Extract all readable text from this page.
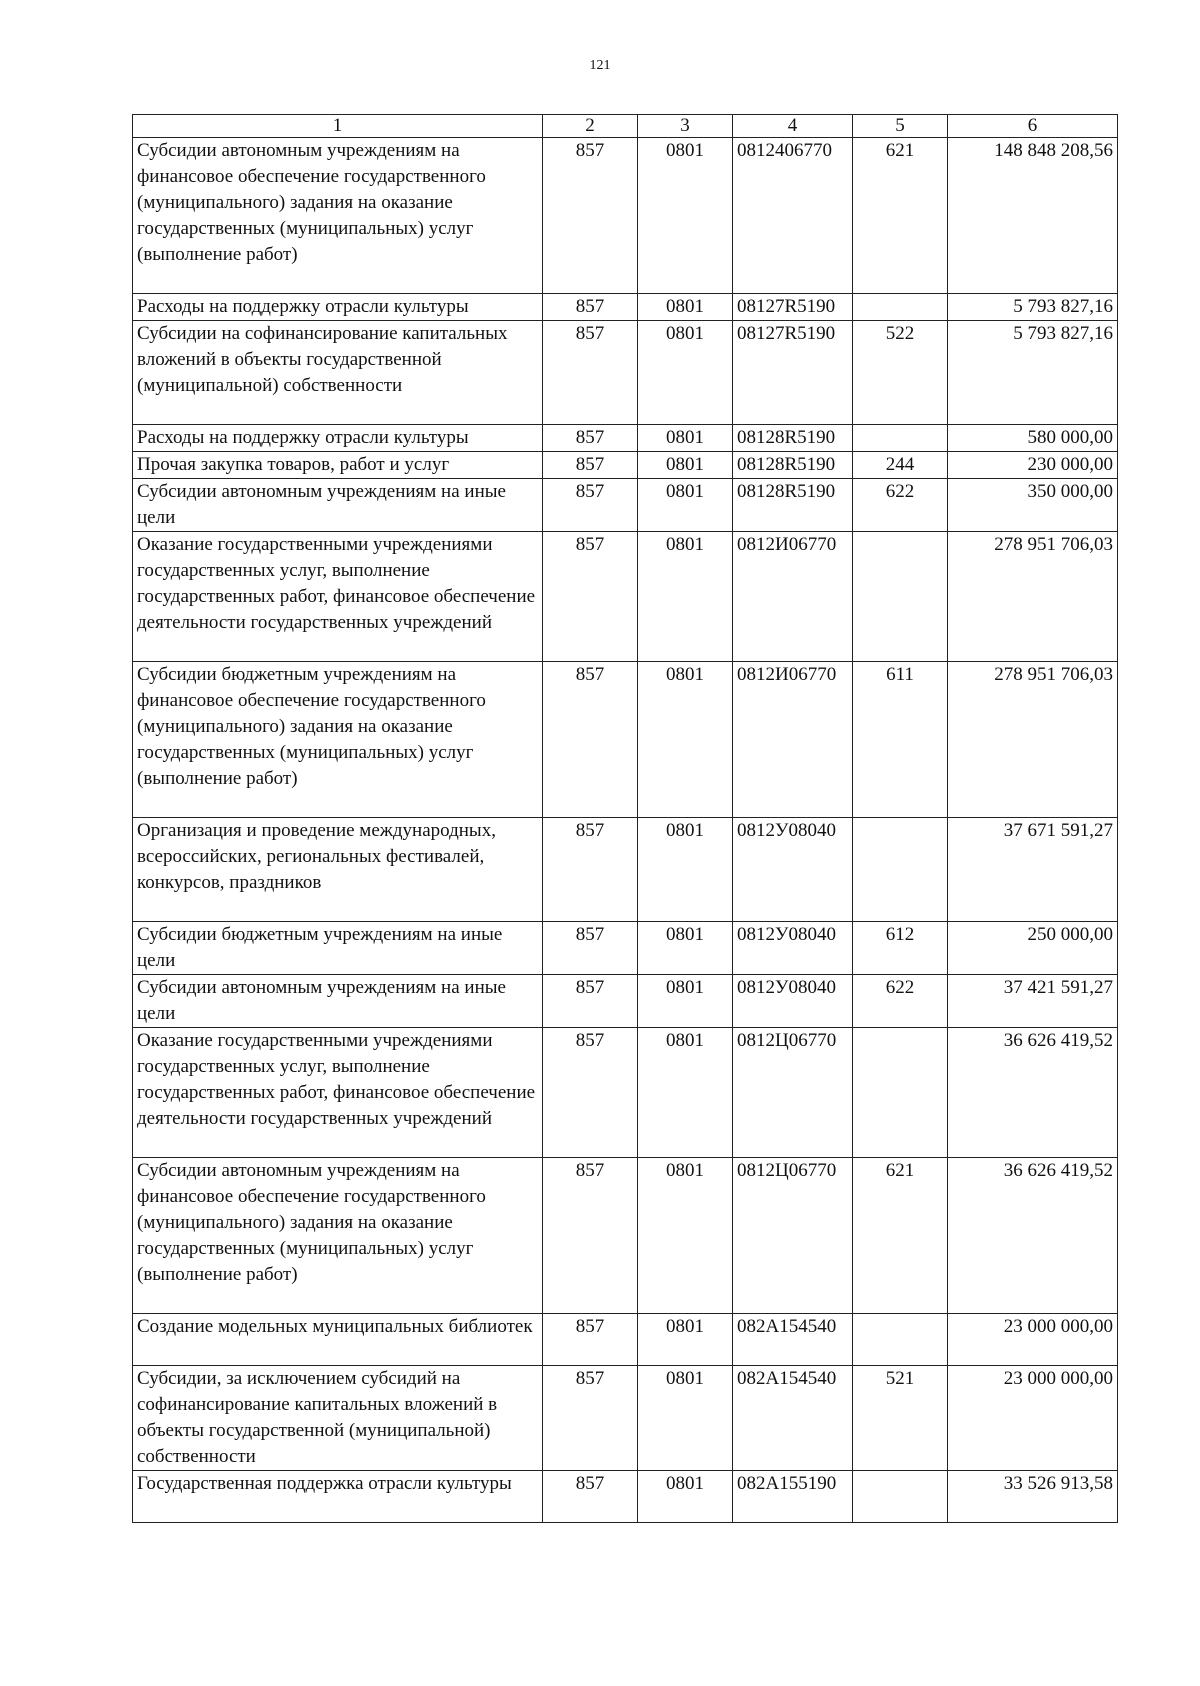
121
1	2	3	4	5	6
Субсидии автономным учреждениям на финансовое обеспечение государственного (муниципального) задания на оказание государственных (муниципальных) услуг (выполнение работ)	857	0801	0812406770	621	148 848 208,56
Расходы на поддержку отрасли культуры	857	0801	08127R5190		5 793 827,16
Субсидии на софинансирование капитальных вложений в объекты государственной (муниципальной) собственности	857	0801	08127R5190	522	5 793 827,16
Расходы на поддержку отрасли культуры	857	0801	08128R5190		580 000,00
Прочая закупка товаров, работ и услуг	857	0801	08128R5190	244	230 000,00
Субсидии автономным учреждениям на иные цели	857	0801	08128R5190	622	350 000,00
Оказание государственными учреждениями государственных услуг, выполнение государственных работ, финансовое обеспечение деятельности государственных учреждений	857	0801	0812И06770		278 951 706,03
Субсидии бюджетным учреждениям на финансовое обеспечение государственного (муниципального) задания на оказание государственных (муниципальных) услуг (выполнение работ)	857	0801	0812И06770	611	278 951 706,03
Организация и проведение международных, всероссийских, региональных фестивалей, конкурсов, праздников	857	0801	0812У08040		37 671 591,27
Субсидии бюджетным учреждениям на иные цели	857	0801	0812У08040	612	250 000,00
Субсидии автономным учреждениям на иные цели	857	0801	0812У08040	622	37 421 591,27
Оказание государственными учреждениями государственных услуг, выполнение государственных работ, финансовое обеспечение деятельности государственных учреждений	857	0801	0812Ц06770		36 626 419,52
Субсидии автономным учреждениям на финансовое обеспечение государственного (муниципального) задания на оказание государственных (муниципальных) услуг (выполнение работ)	857	0801	0812Ц06770	621	36 626 419,52
Создание модельных муниципальных библиотек	857	0801	082А154540		23 000 000,00
Субсидии, за исключением субсидий на софинансирование капитальных вложений в объекты государственной (муниципальной) собственности	857	0801	082А154540	521	23 000 000,00
Государственная поддержка отрасли культуры	857	0801	082А155190		33 526 913,58
